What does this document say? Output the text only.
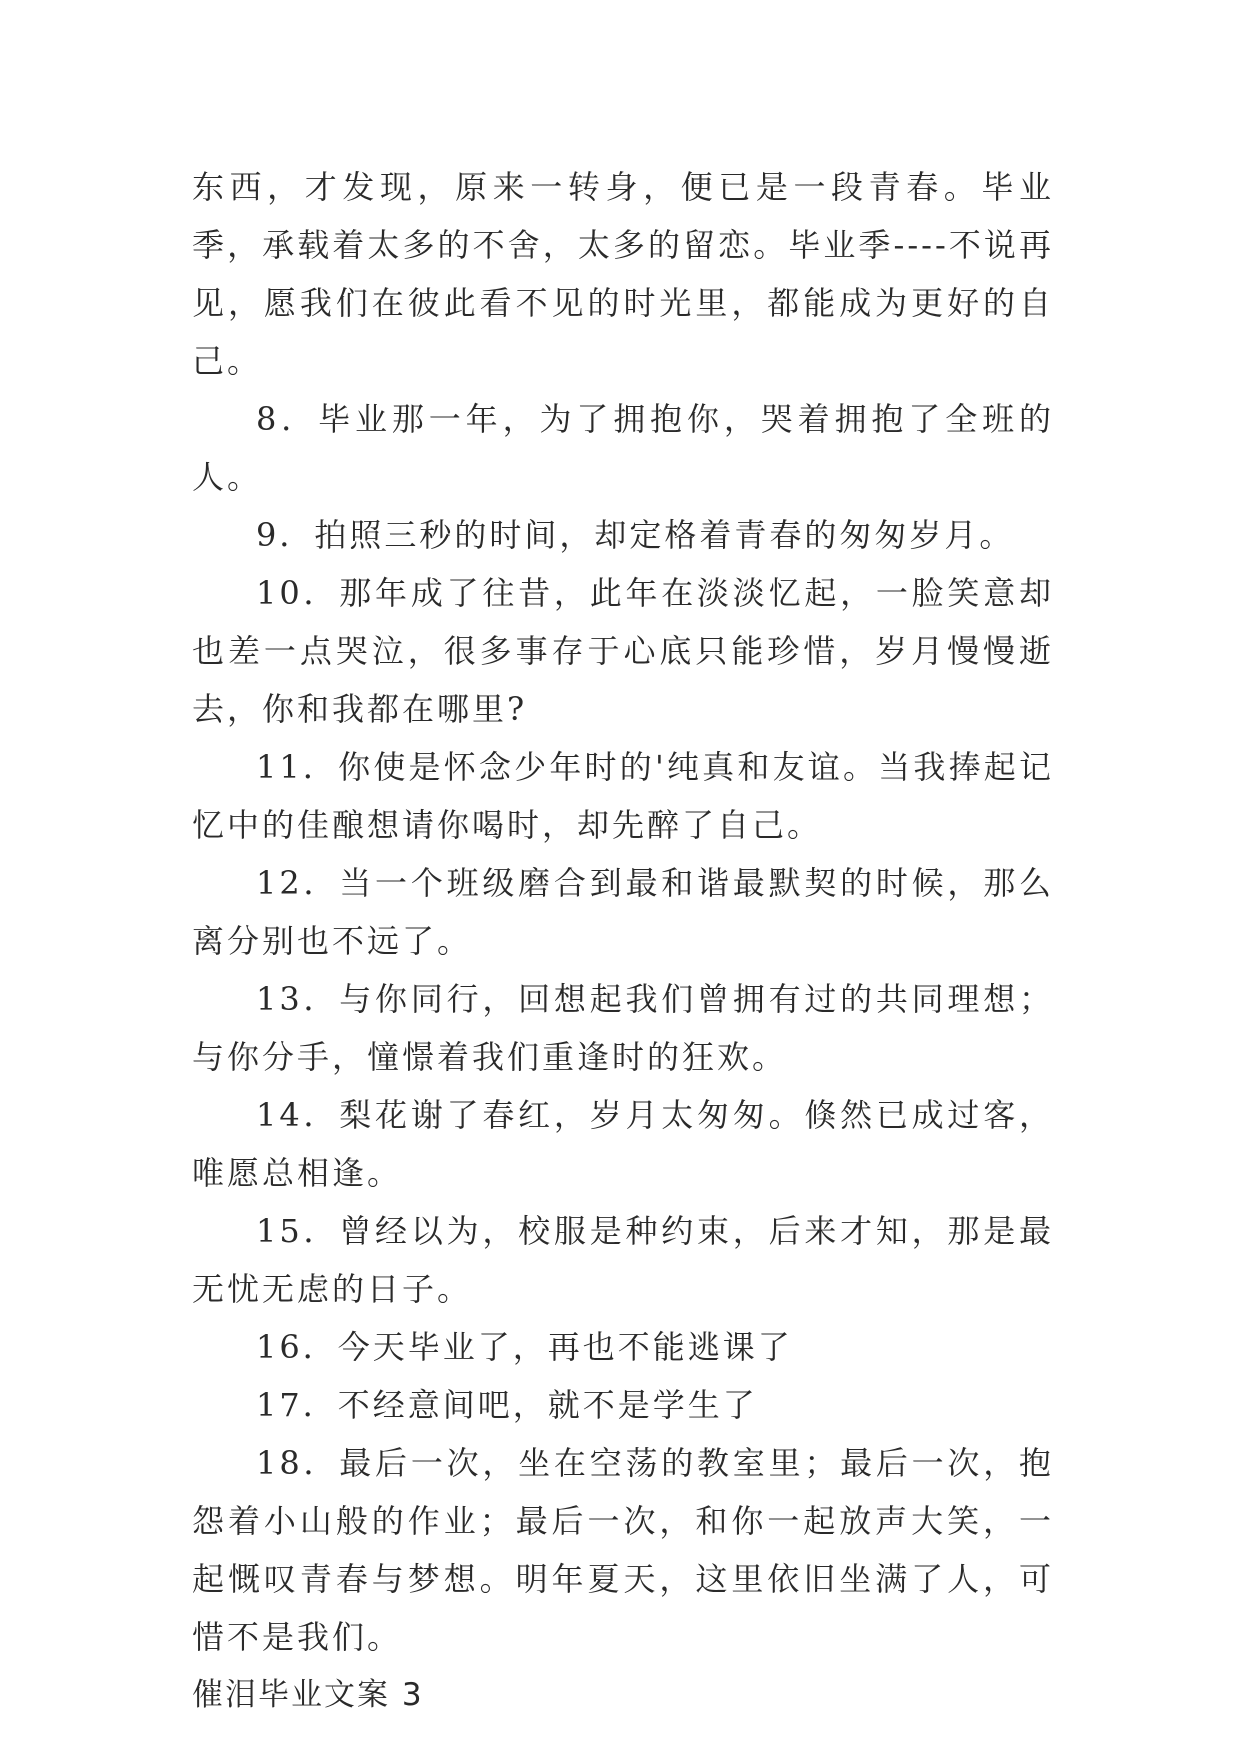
东西，才发现，原来一转身，便已是一段青春。毕业季，承载着太多的不舍，太多的留恋。毕业季----不说再见，愿我们在彼此看不见的时光里，都能成为更好的自己。

8．毕业那一年，为了拥抱你，哭着拥抱了全班的人。

9．拍照三秒的时间，却定格着青春的匆匆岁月。

10．那年成了往昔，此年在淡淡忆起，一脸笑意却也差一点哭泣，很多事存于心底只能珍惜，岁月慢慢逝去，你和我都在哪里?

11．你使是怀念少年时的'纯真和友谊。当我捧起记忆中的佳酿想请你喝时，却先醉了自己。

12．当一个班级磨合到最和谐最默契的时候，那么离分别也不远了。

13．与你同行，回想起我们曾拥有过的共同理想；与你分手，憧憬着我们重逢时的狂欢。

14．梨花谢了春红，岁月太匆匆。倏然已成过客，唯愿总相逢。

15．曾经以为，校服是种约束，后来才知，那是最无忧无虑的日子。

16．今天毕业了，再也不能逃课了

17．不经意间吧，就不是学生了

18．最后一次，坐在空荡的教室里；最后一次，抱怨着小山般的作业；最后一次，和你一起放声大笑，一起慨叹青春与梦想。明年夏天，这里依旧坐满了人，可惜不是我们。

催泪毕业文案 3
